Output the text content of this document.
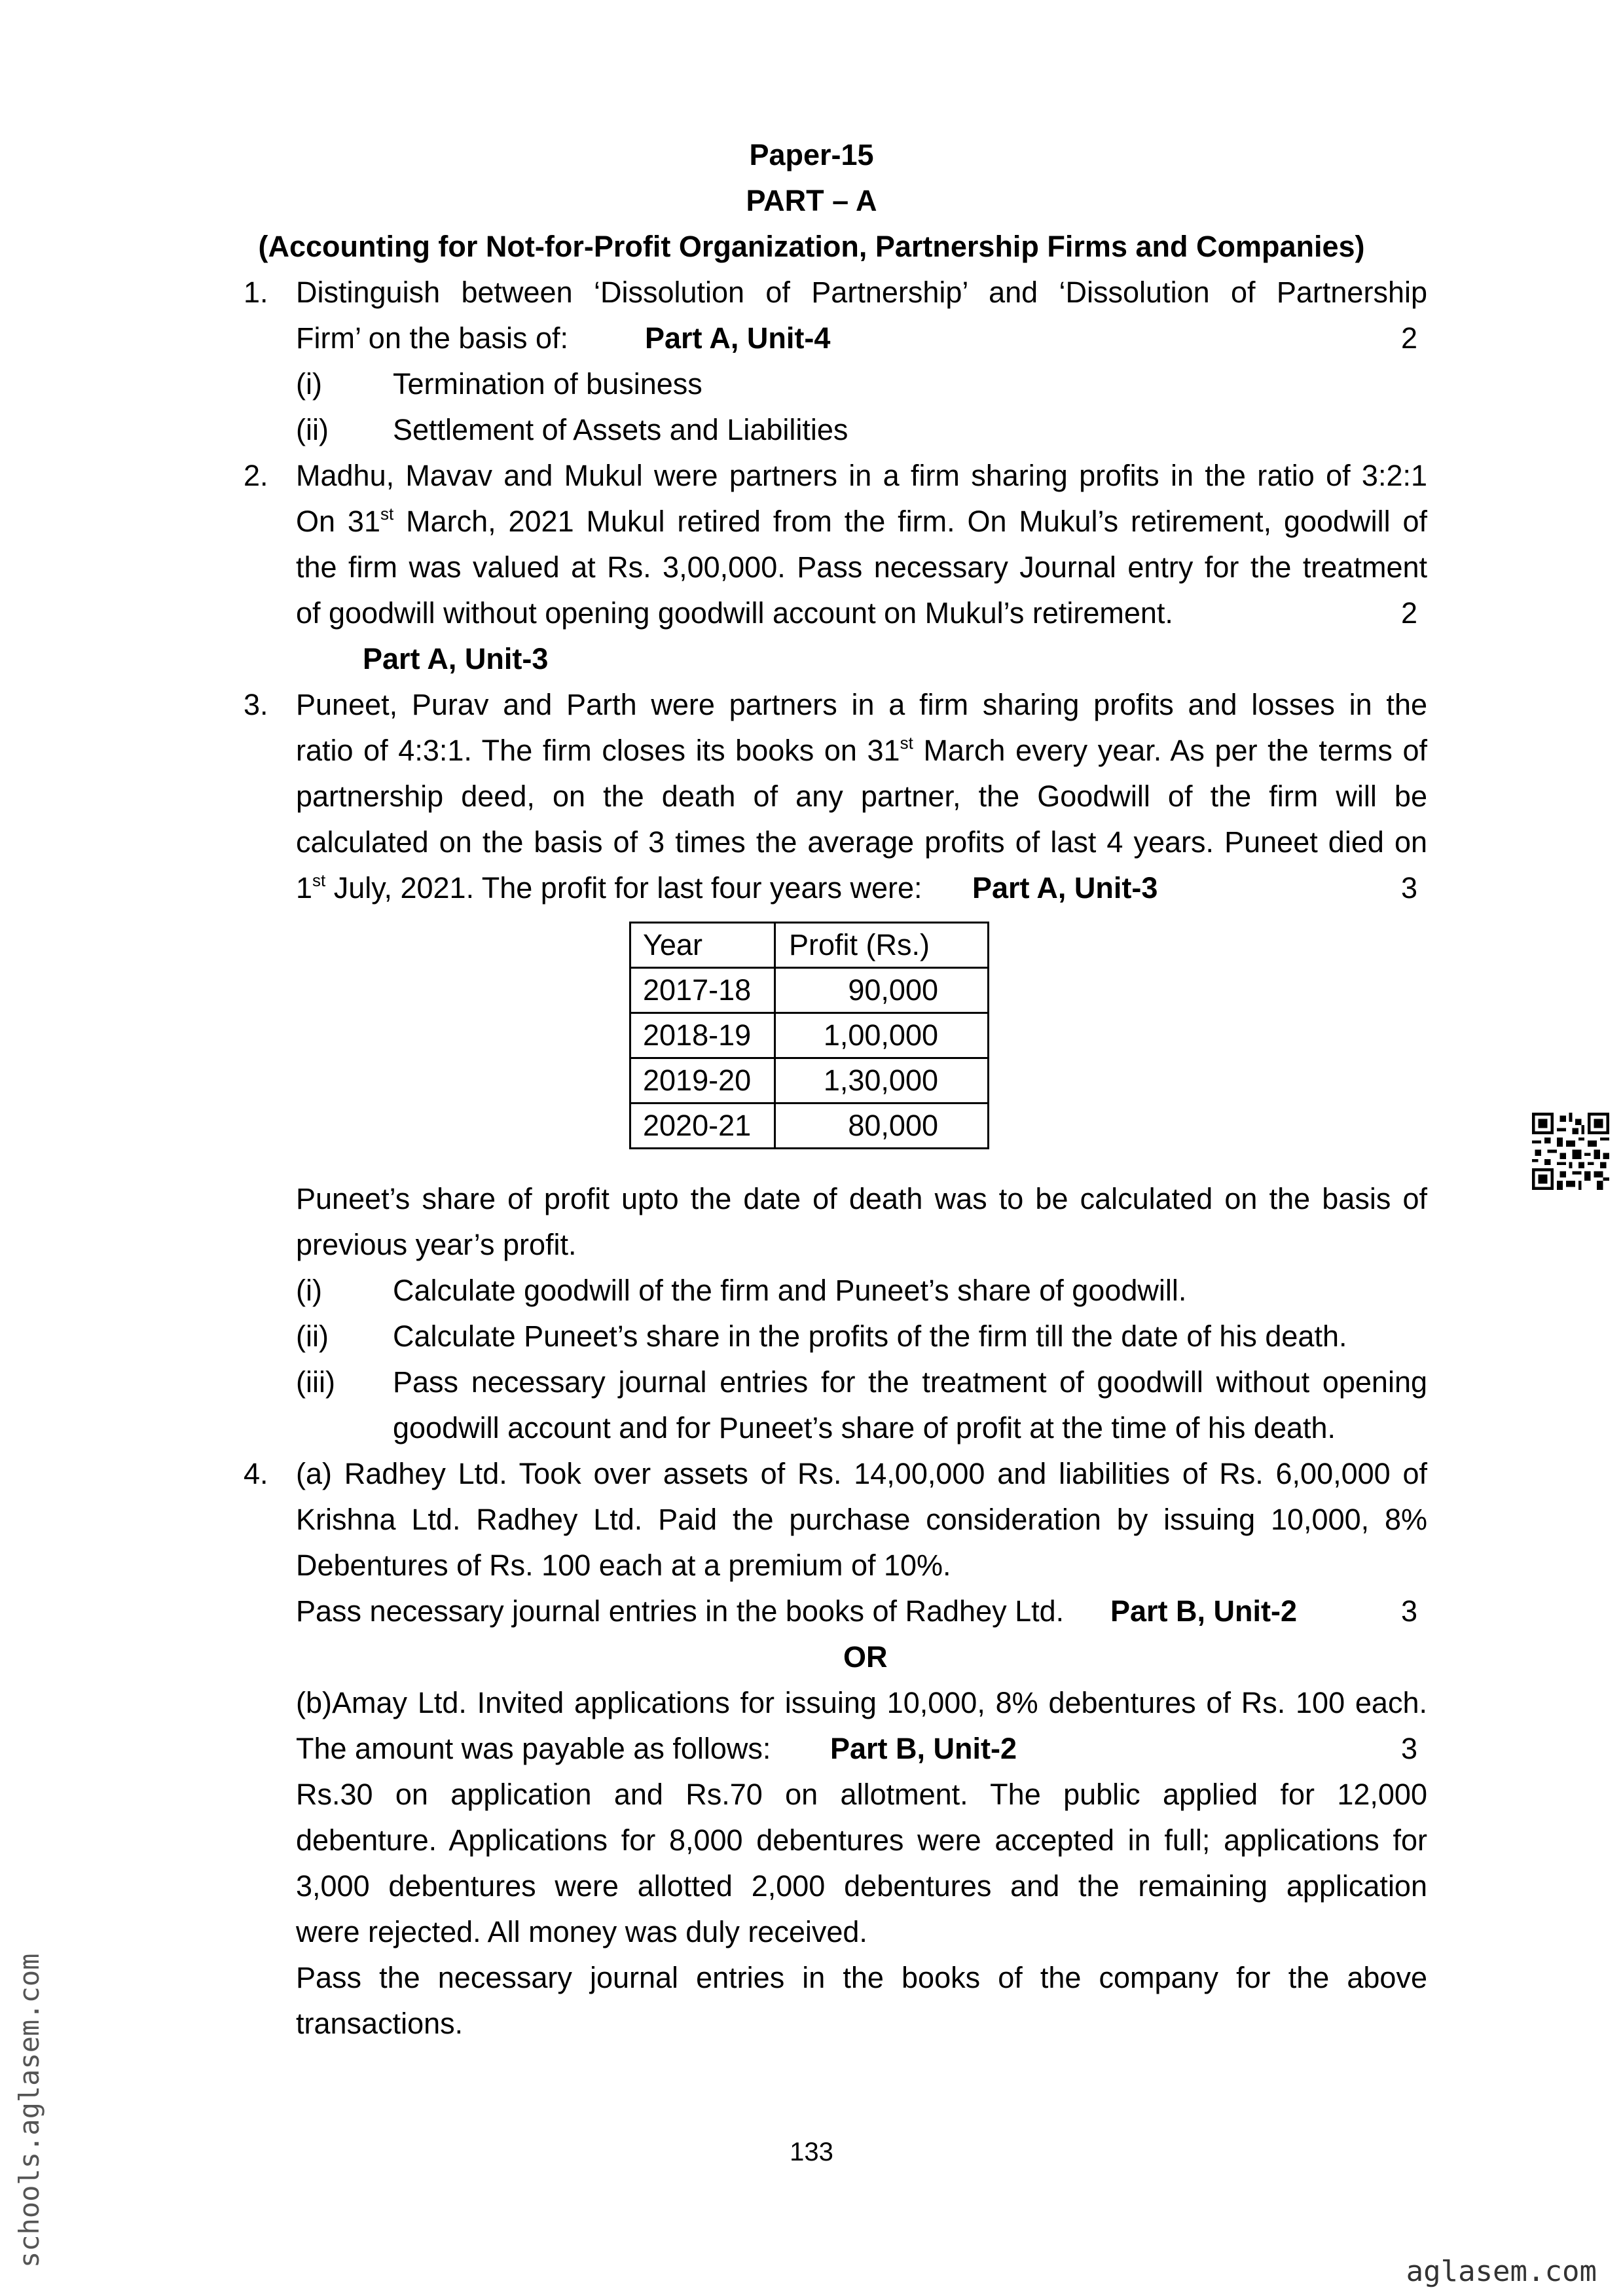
Paper-15
PART – A
(Accounting for Not-for-Profit Organization, Partnership Firms and Companies)
1. Distinguish between ‘Dissolution of Partnership’ and ‘Dissolution of Partnership
Firm’ on the basis of:	Part A, Unit-4	2
(i) Termination of business
(ii) Settlement of Assets and Liabilities
2. Madhu, Mavav and Mukul were partners in a firm sharing profits in the ratio of 3:2:1
On 31st March, 2021 Mukul retired from the firm. On Mukul’s retirement, goodwill of
the firm was valued at Rs. 3,00,000. Pass necessary Journal entry for the treatment
of goodwill without opening goodwill account on Mukul’s retirement.	2
Part A, Unit-3
3. Puneet, Purav and Parth were partners in a firm sharing profits and losses in the
ratio of 4:3:1. The firm closes its books on 31st March every year. As per the terms of
partnership deed, on the death of any partner, the Goodwill of the firm will be
calculated on the basis of 3 times the average profits of last 4 years. Puneet died on
1st July, 2021. The profit for last four years were: Part A, Unit-3	3
Year	Profit (Rs.)
2017-18	90,000
2018-19	1,00,000
2019-20	1,30,000
2020-21	80,000
Puneet’s share of profit upto the date of death was to be calculated on the basis of
previous year’s profit.
(i) Calculate goodwill of the firm and Puneet’s share of goodwill.
(ii) Calculate Puneet’s share in the profits of the firm till the date of his death.
(iii) Pass necessary journal entries for the treatment of goodwill without opening
goodwill account and for Puneet’s share of profit at the time of his death.
4. (a) Radhey Ltd. Took over assets of Rs. 14,00,000 and liabilities of Rs. 6,00,000 of
Krishna Ltd. Radhey Ltd. Paid the purchase consideration by issuing 10,000, 8%
Debentures of Rs. 100 each at a premium of 10%.
Pass necessary journal entries in the books of Radhey Ltd. Part B, Unit-2	3
OR
(b)Amay Ltd. Invited applications for issuing 10,000, 8% debentures of Rs. 100 each.
The amount was payable as follows: Part B, Unit-2	3
Rs.30 on application and Rs.70 on allotment. The public applied for 12,000
debenture. Applications for 8,000 debentures were accepted in full; applications for
3,000 debentures were allotted 2,000 debentures and the remaining application
were rejected. All money was duly received.
Pass the necessary journal entries in the books of the company for the above
transactions.
133
schools.aglasem.com
aglasem.com
